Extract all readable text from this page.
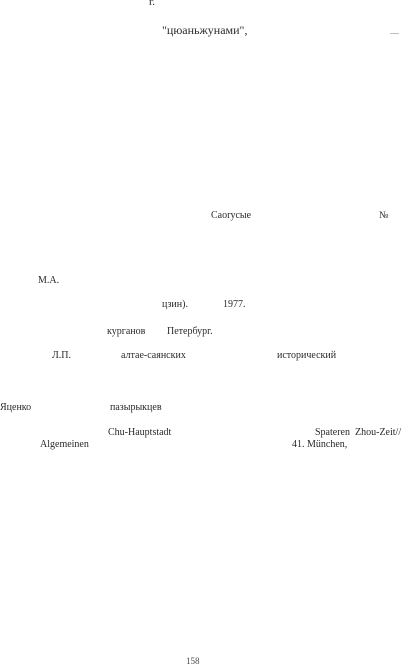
г.
"цюаньжунами",
Caoryсыe	№
М.А.
цзин).	1977.
курганов Петербург.
Л.П.	алтае-саянских	исторический
Яценко	пазырыкцев
Chu-Hauptstadt	Spateren Zhou-Zeit//
Algemeinen	41. München,
158
